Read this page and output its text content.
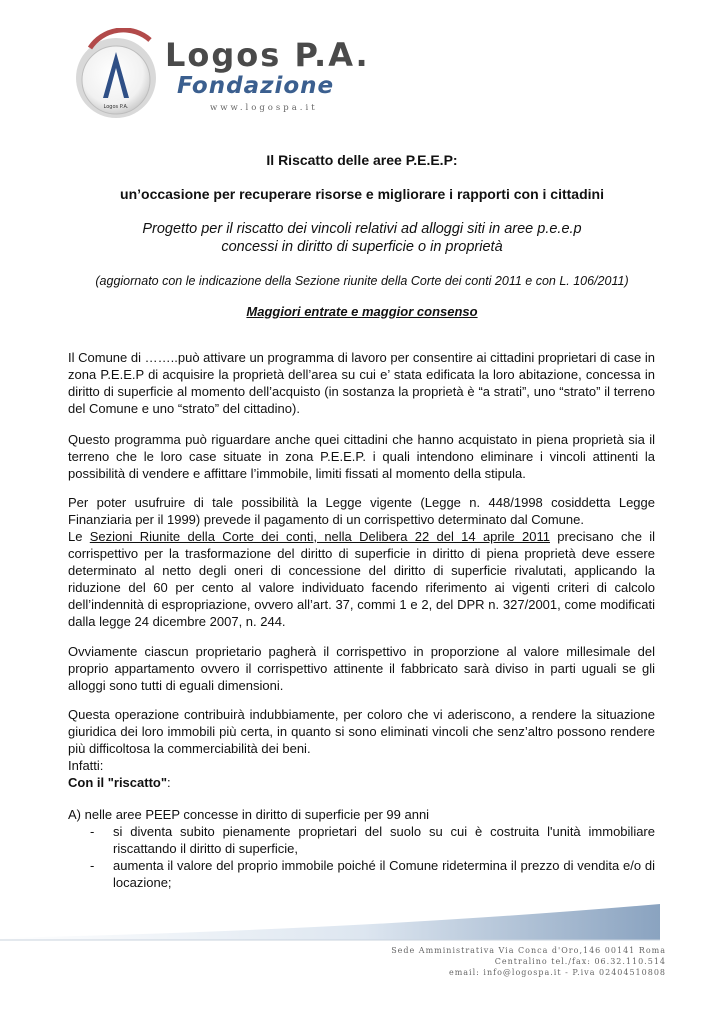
Logos P.A.
Logos P.A.
Fondazione
www.logospa.it
Il Riscatto delle aree P.E.E.P:
un’occasione per recuperare risorse e migliorare i rapporti con i cittadini
Progetto per il riscatto dei vincoli relativi ad alloggi siti in aree p.e.e.p
concessi in diritto di superficie o in proprietà
(aggiornato con le indicazione della Sezione riunite della Corte dei conti 2011 e con L. 106/2011)
Maggiori entrate e maggior consenso

Il Comune di ……..può attivare un programma di lavoro per consentire ai cittadini proprietari di case in zona P.E.E.P di acquisire la proprietà dell’area su cui e’ stata edificata la loro abitazione, concessa in diritto di superficie al momento dell’acquisto (in sostanza la proprietà è “a strati”, uno “strato” il terreno del Comune e uno “strato” del cittadino).

Questo programma può riguardare anche quei cittadini che hanno acquistato in piena proprietà sia il terreno che le loro case situate in zona P.E.E.P. i quali intendono eliminare i vincoli attinenti la possibilità di vendere e affittare l’immobile, limiti fissati al momento della stipula.

Per poter usufruire di tale possibilità la Legge vigente (Legge n. 448/1998 cosiddetta Legge Finanziaria per il 1999) prevede il pagamento di un corrispettivo determinato dal Comune.

Le Sezioni Riunite della Corte dei conti, nella Delibera 22 del 14 aprile 2011 precisano che il corrispettivo per la trasformazione del diritto di superficie in diritto di piena proprietà deve essere determinato al netto degli oneri di concessione del diritto di superficie rivalutati, applicando la riduzione del 60 per cento al valore individuato facendo riferimento ai vigenti criteri di calcolo dell’indennità di espropriazione, ovvero all’art. 37, commi 1 e 2, del DPR n. 327/2001, come modificati dalla legge 24 dicembre 2007, n. 244.

Ovviamente ciascun proprietario pagherà il corrispettivo in proporzione al valore millesimale del proprio appartamento ovvero il corrispettivo attinente il fabbricato sarà diviso in parti uguali se gli alloggi sono tutti di eguali dimensioni.

Questa operazione contribuirà indubbiamente, per coloro che vi aderiscono, a rendere la situazione giuridica dei loro immobili più certa, in quanto si sono eliminati vincoli che senz’altro possono rendere più difficoltosa la commerciabilità dei beni.

Infatti:

Con il "riscatto":

A) nelle aree PEEP concesse in diritto di superficie per 99 anni

- si diventa subito pienamente proprietari del suolo su cui è costruita l'unità immobiliare riscattando il diritto di superficie,
- aumenta il valore del proprio immobile poiché il Comune ridetermina il prezzo di vendita e/o di locazione;
Sede Amministrativa Via Conca d'Oro,146 00141 Roma
Centralino tel./fax: 06.32.110.514
email: info@logospa.it - P.iva 02404510808
